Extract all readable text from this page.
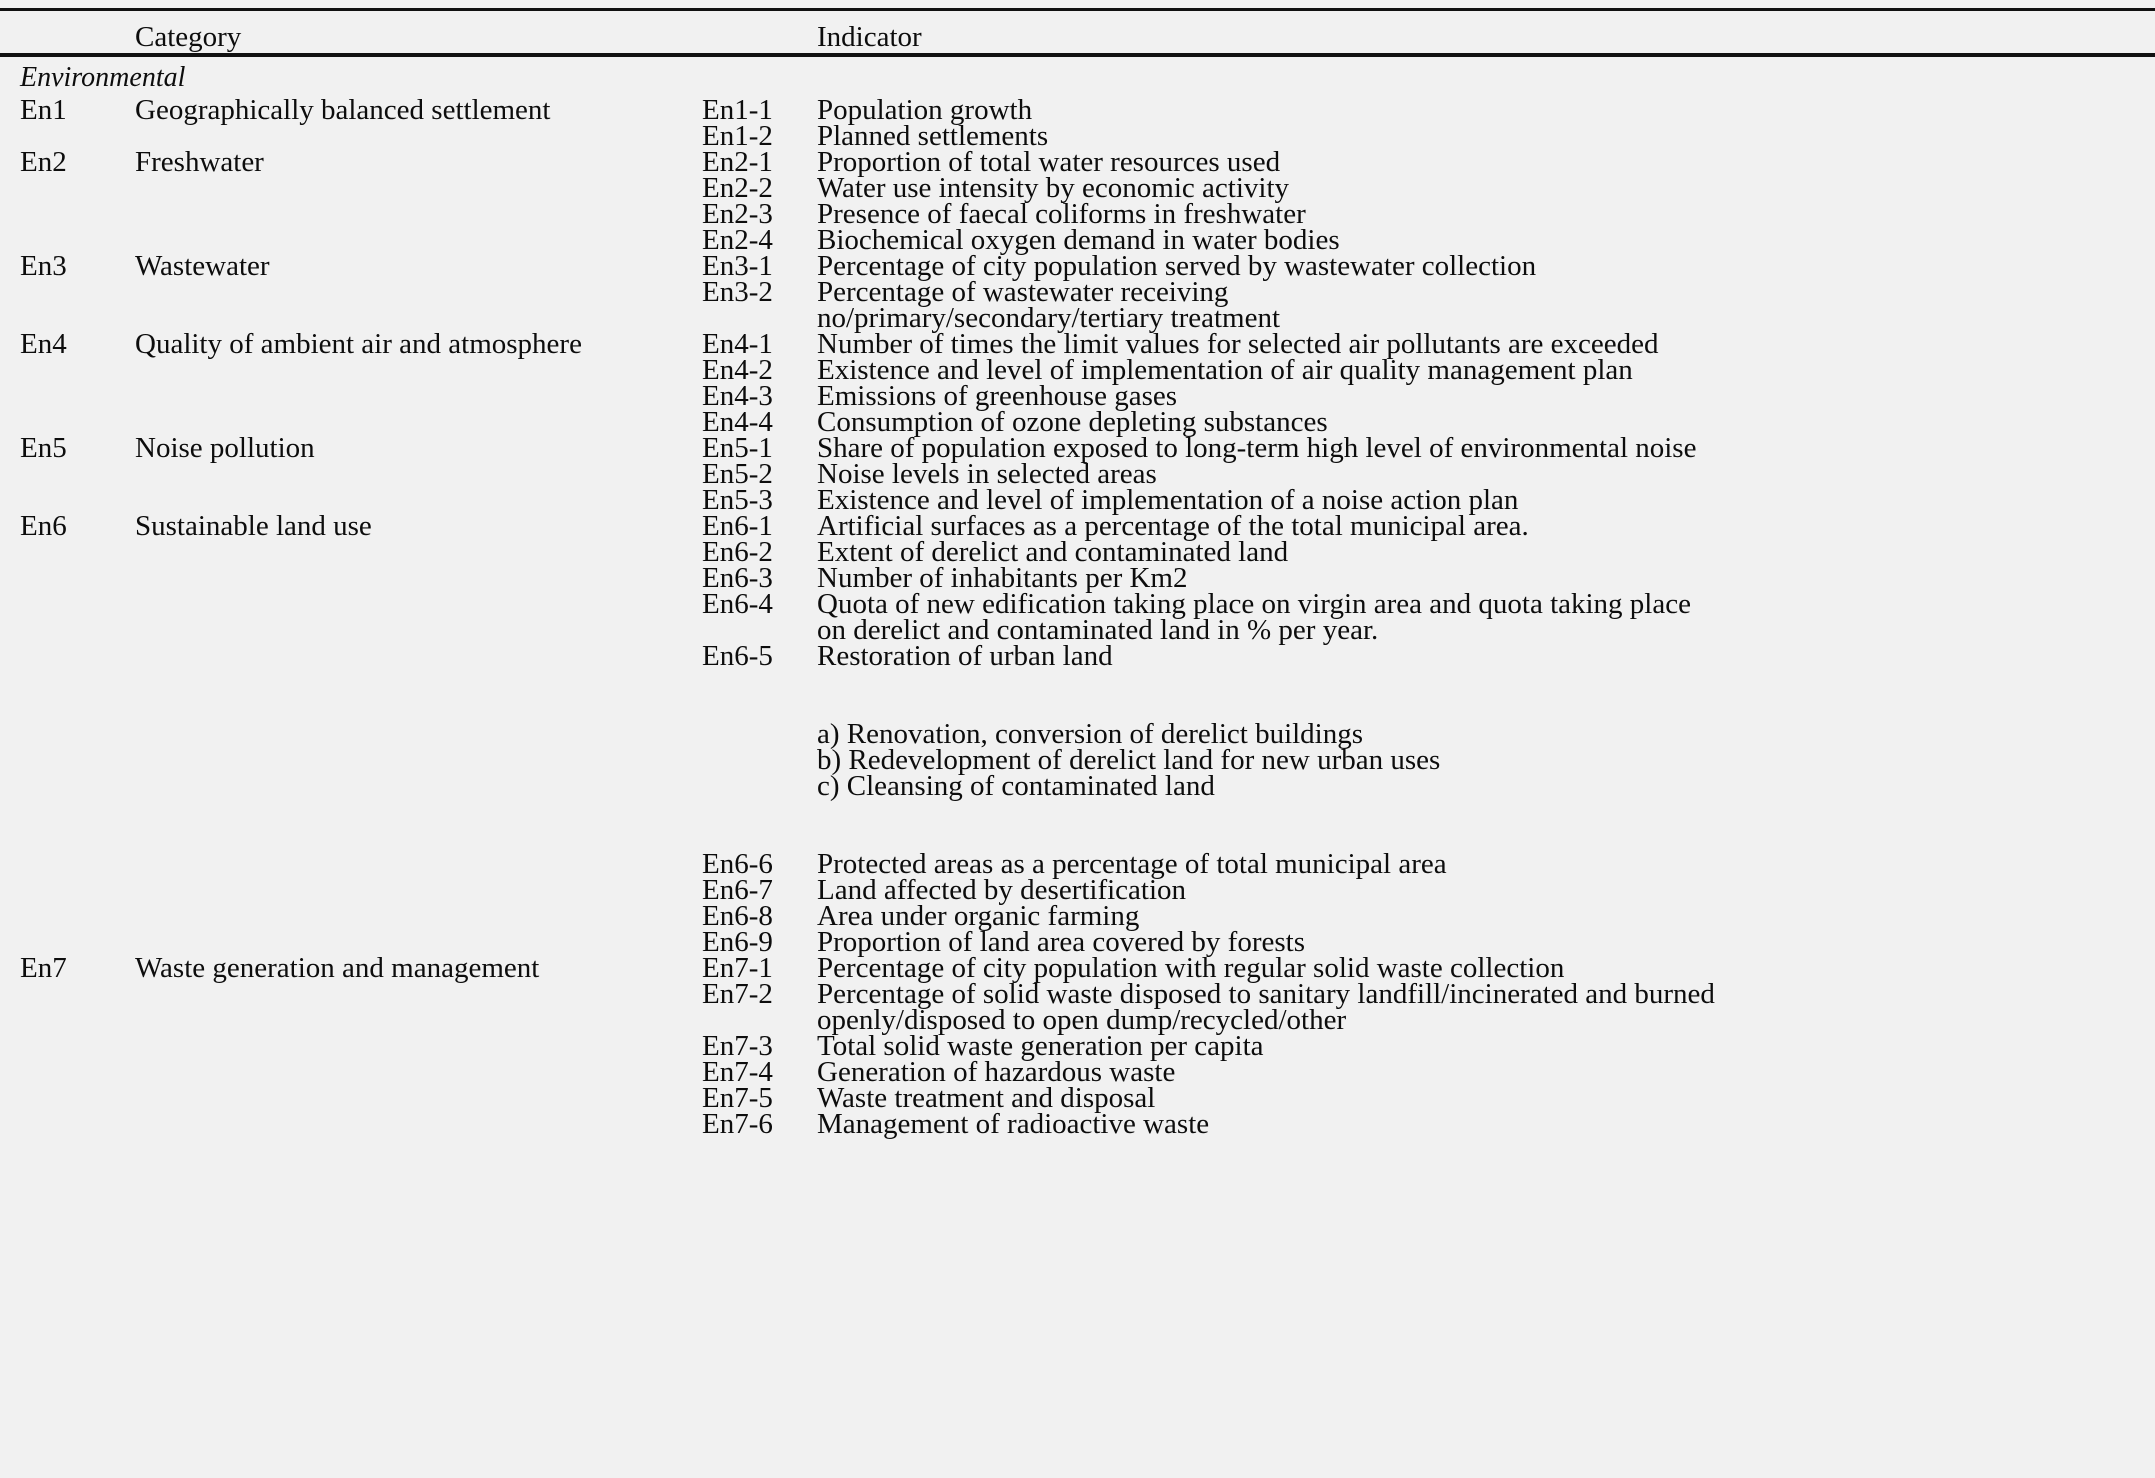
Category	Indicator
Environmental
En1	Geographically balanced settlement	En1-1	Population growth
En1-2	Planned settlements
En2	Freshwater	En2-1	Proportion of total water resources used
En2-2	Water use intensity by economic activity
En2-3	Presence of faecal coliforms in freshwater
En2-4	Biochemical oxygen demand in water bodies
En3	Wastewater	En3-1	Percentage of city population served by wastewater collection
En3-2	Percentage of wastewater receiving
no/primary/secondary/tertiary treatment
En4	Quality of ambient air and atmosphere	En4-1	Number of times the limit values for selected air pollutants are exceeded
En4-2	Existence and level of implementation of air quality management plan
En4-3	Emissions of greenhouse gases
En4-4	Consumption of ozone depleting substances
En5	Noise pollution	En5-1	Share of population exposed to long-term high level of environmental noise
En5-2	Noise levels in selected areas
En5-3	Existence and level of implementation of a noise action plan
En6	Sustainable land use	En6-1	Artificial surfaces as a percentage of the total municipal area.
En6-2	Extent of derelict and contaminated land
En6-3	Number of inhabitants per Km2
En6-4	Quota of new edification taking place on virgin area and quota taking place
on derelict and contaminated land in % per year.
En6-5	Restoration of urban land
a) Renovation, conversion of derelict buildings
b) Redevelopment of derelict land for new urban uses
c) Cleansing of contaminated land
En6-6	Protected areas as a percentage of total municipal area
En6-7	Land affected by desertification
En6-8	Area under organic farming
En6-9	Proportion of land area covered by forests
En7	Waste generation and management	En7-1	Percentage of city population with regular solid waste collection
En7-2	Percentage of solid waste disposed to sanitary landfill/incinerated and burned
openly/disposed to open dump/recycled/other
En7-3	Total solid waste generation per capita
En7-4	Generation of hazardous waste
En7-5	Waste treatment and disposal
En7-6	Management of radioactive waste
